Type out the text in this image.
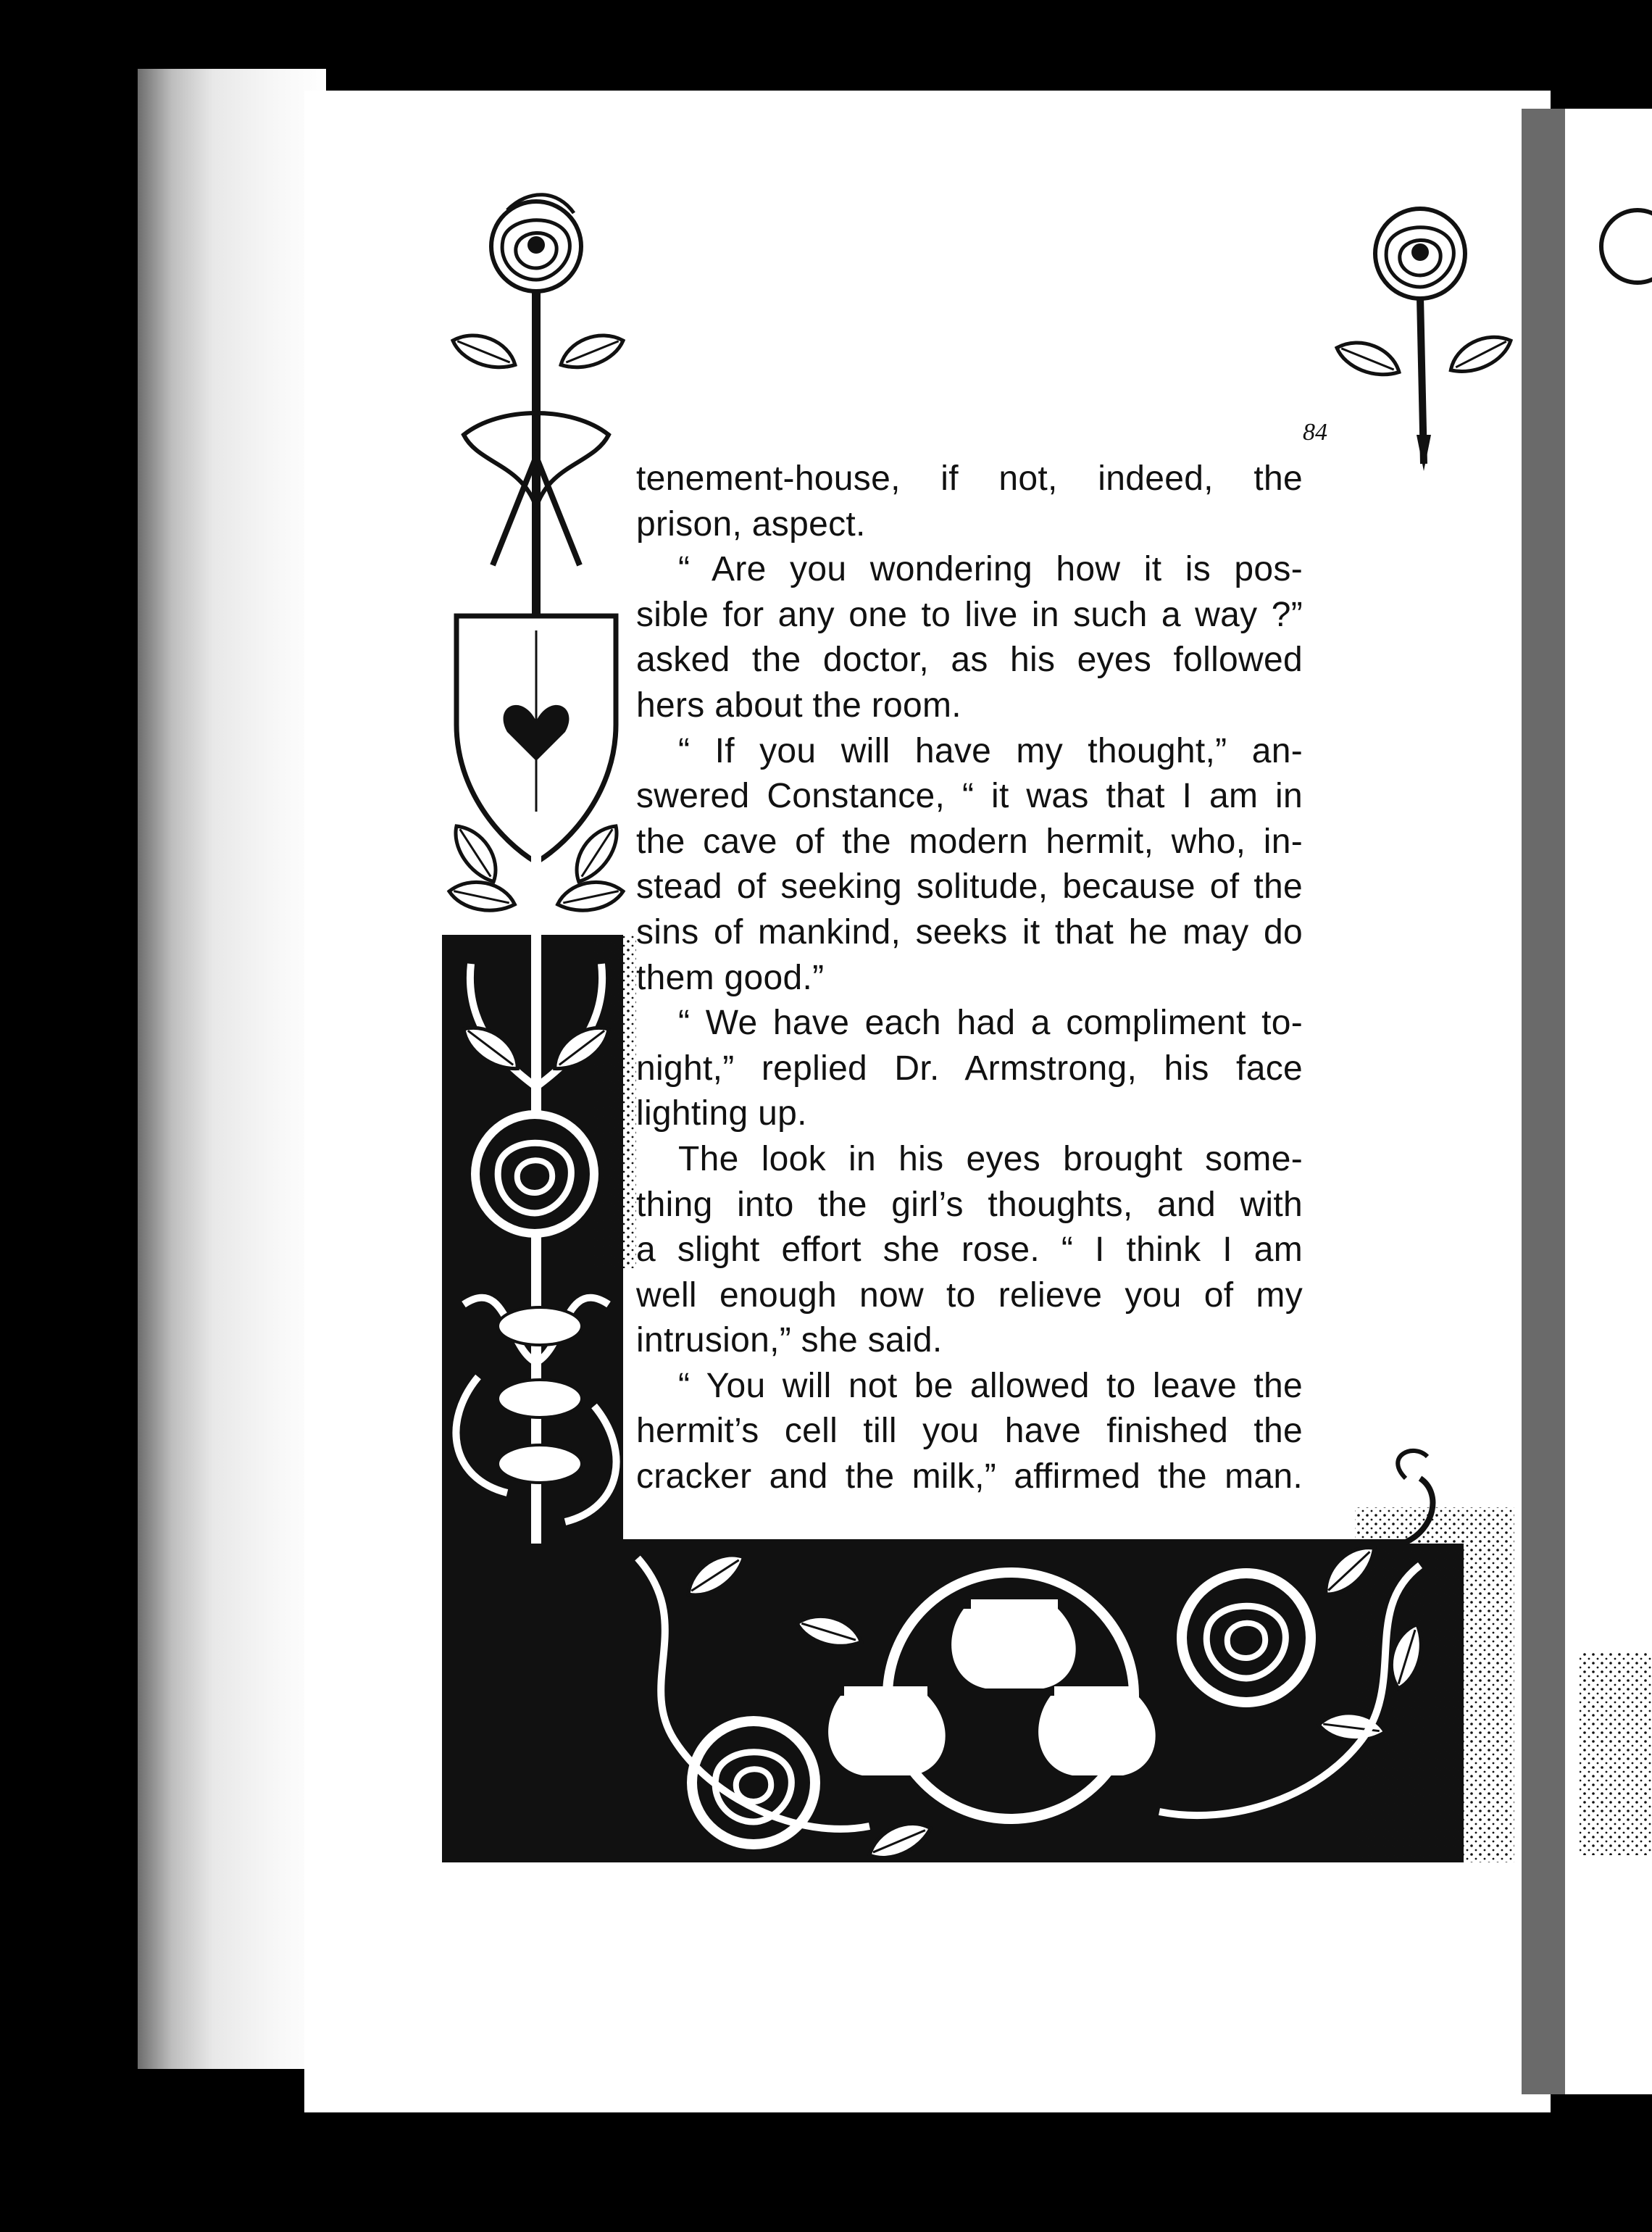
84
tenement-house, if not, indeed, the
prison, aspect.
“ Are you wondering how it is pos-
sible for any one to live in such a way ?”
asked the doctor, as his eyes followed
hers about the room.
“ If you will have my thought,” an-
swered Constance, “ it was that I am in
the cave of the modern hermit, who, in-
stead of seeking solitude, because of the
sins of mankind, seeks it that he may do
them good.”
“ We have each had a compliment to-
night,” replied Dr. Armstrong, his face
lighting up.
The look in his eyes brought some-
thing into the girl’s thoughts, and with
a slight effort she rose. “ I think I am
well enough now to relieve you of my
intrusion,” she said.
“ You will not be allowed to leave the
hermit’s cell till you have finished the
cracker and the milk,” affirmed the man.
